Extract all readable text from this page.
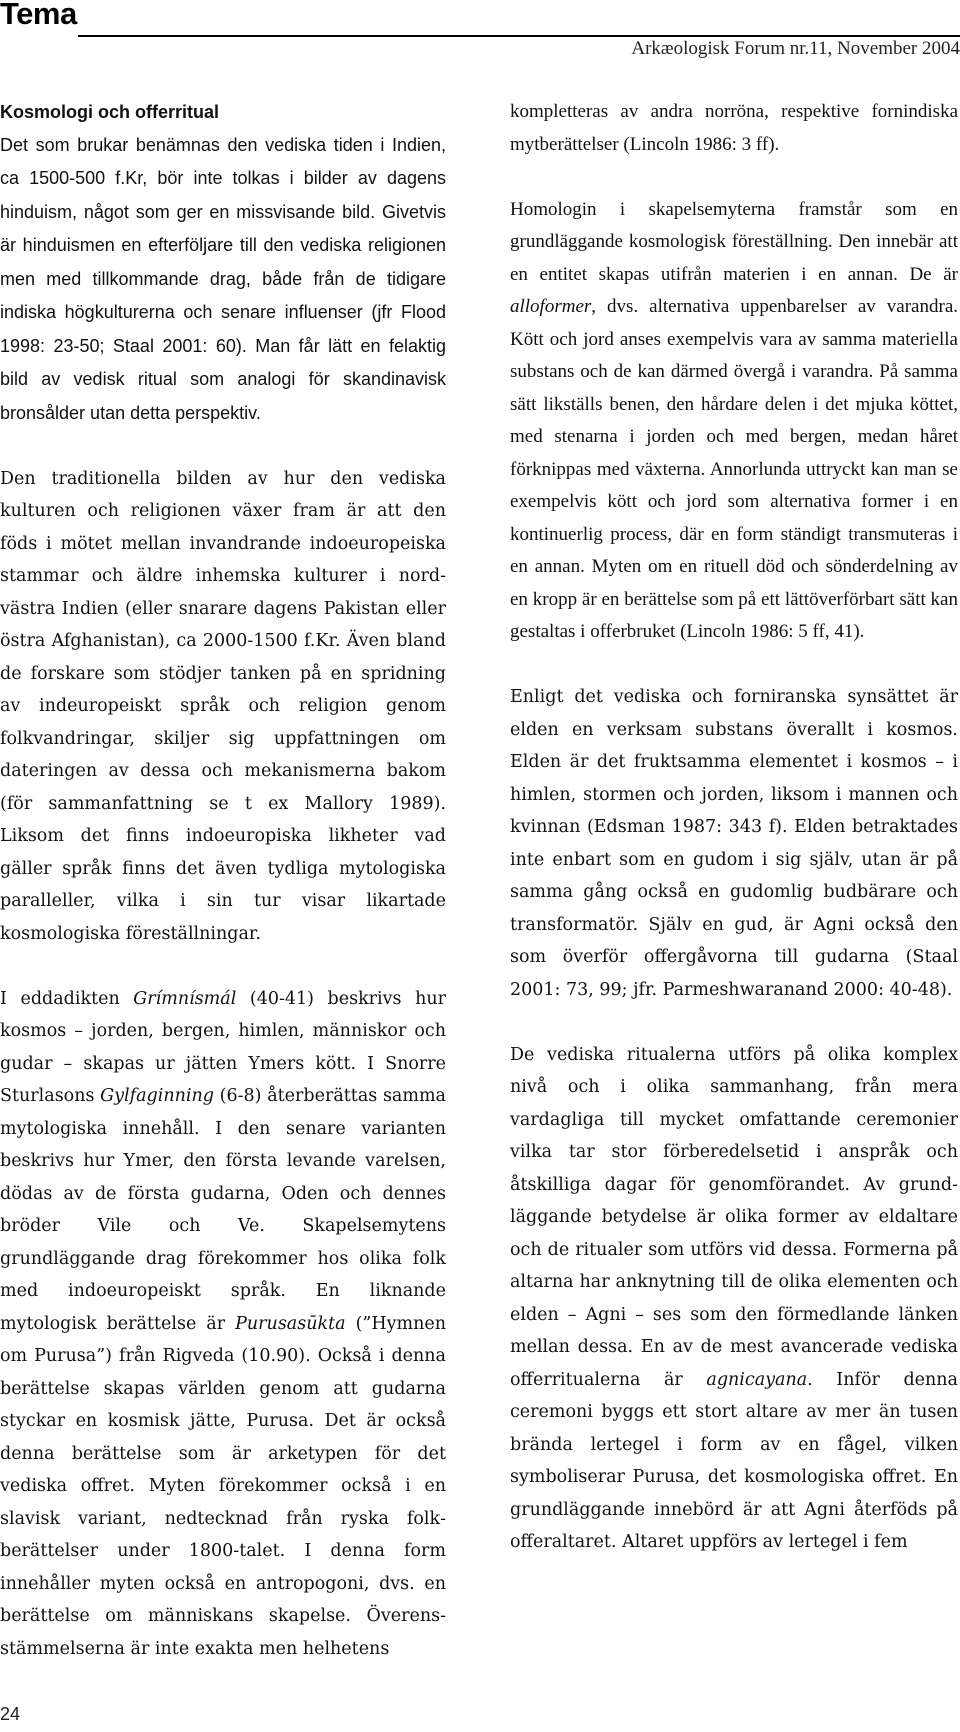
Tema
Arkæologisk Forum nr.11, November 2004

Kosmologi och offerritual
Det som brukar benämnas den vediska tiden i Indien, ca 1500-500 f.Kr, bör inte tolkas i bilder av dagens hinduism, något som ger en missvisande bild. Givetvis är hinduismen en efterföljare till den vediska religionen men med tillkommande drag, både från de tidigare indiska högkulturerna och senare influenser (jfr Flood 1998: 23-50; Staal 2001: 60). Man får lätt en felaktig bild av vedisk ritual som analogi för skandinavisk bronsålder utan detta perspektiv.

Den traditionella bilden av hur den vediska kulturen och religionen växer fram är att den föds i mötet mellan invandrande indoeuropeiska stammar och äldre inhemska kulturer i nordvästra Indien (eller snarare dagens Pakistan eller östra Afghanistan), ca 2000-1500 f.Kr. Även bland de forskare som stödjer tanken på en spridning av indeuropeiskt språk och religion genom folkvandringar, skiljer sig uppfattningen om dateringen av dessa och mekanismerna bakom (för sammanfattning se t ex Mallory 1989). Liksom det finns indoeuropiska likheter vad gäller språk finns det även tydliga mytologiska paralleller, vilka i sin tur visar likartade kosmologiska föreställningar.

I eddadikten Grímnísmál (40-41) beskrivs hur kosmos – jorden, bergen, himlen, människor och gudar – skapas ur jätten Ymers kött. I Snorre Sturlasons Gylfaginning (6-8) återberättas samma mytologiska innehåll. I den senare varianten beskrivs hur Ymer, den första levande varelsen, dödas av de första gudarna, Oden och dennes bröder Vile och Ve. Skapelsemytens grundläggande drag förekommer hos olika folk med indoeuropeiskt språk. En liknande mytologisk berättelse är Purusasūkta (”Hymnen om Purusa”) från Rigveda (10.90). Också i denna berättelse skapas världen genom att gudarna styckar en kosmisk jätte, Purusa. Det är också denna berättelse som är arketypen för det vediska offret. Myten förekommer också i en slavisk variant, nedtecknad från ryska folkberättelser under 1800-talet. I denna form innehåller myten också en antropogoni, dvs. en berättelse om människans skapelse. Överensstämmelserna är inte exakta men helhetens

kompletteras av andra norröna, respektive fornindiska mytberättelser (Lincoln 1986: 3 ff).

Homologin i skapelsemyterna framstår som en grundläggande kosmologisk föreställning. Den innebär att en entitet skapas utifrån materien i en annan. De är alloformer, dvs. alternativa uppenbarelser av varandra. Kött och jord anses exempelvis vara av samma materiella substans och de kan därmed övergå i varandra. På samma sätt likställs benen, den hårdare delen i det mjuka köttet, med stenarna i jorden och med bergen, medan håret förknippas med växterna. Annorlunda uttryckt kan man se exempelvis kött och jord som alternativa former i en kontinuerlig process, där en form ständigt transmuteras i en annan. Myten om en rituell död och sönderdelning av en kropp är en berättelse som på ett lättöverförbart sätt kan gestaltas i offerbruket (Lincoln 1986: 5 ff, 41).

Enligt det vediska och forniranska synsättet är elden en verksam substans överallt i kosmos. Elden är det fruktsamma elementet i kosmos – i himlen, stormen och jorden, liksom i mannen och kvinnan (Edsman 1987: 343 f). Elden betraktades inte enbart som en gudom i sig själv, utan är på samma gång också en gudomlig budbärare och transformatör. Själv en gud, är Agni också den som överför offergåvorna till gudarna (Staal 2001: 73, 99; jfr. Parmeshwaranand 2000: 40-48).

De vediska ritualerna utförs på olika komplex nivå och i olika sammanhang, från mera vardagliga till mycket omfattande ceremonier vilka tar stor förberedelsetid i anspråk och åtskilliga dagar för genomförandet. Av grundläggande betydelse är olika former av eldaltare och de ritualer som utförs vid dessa. Formerna på altarna har anknytning till de olika elementen och elden – Agni – ses som den förmedlande länken mellan dessa. En av de mest avancerade vediska offerritualerna är agnicayana. Inför denna ceremoni byggs ett stort altare av mer än tusen brända lertegel i form av en fågel, vilken symboliserar Purusa, det kosmologiska offret. En grundläggande innebörd är att Agni återföds på offeraltaret. Altaret uppförs av lertegel i fem

24
